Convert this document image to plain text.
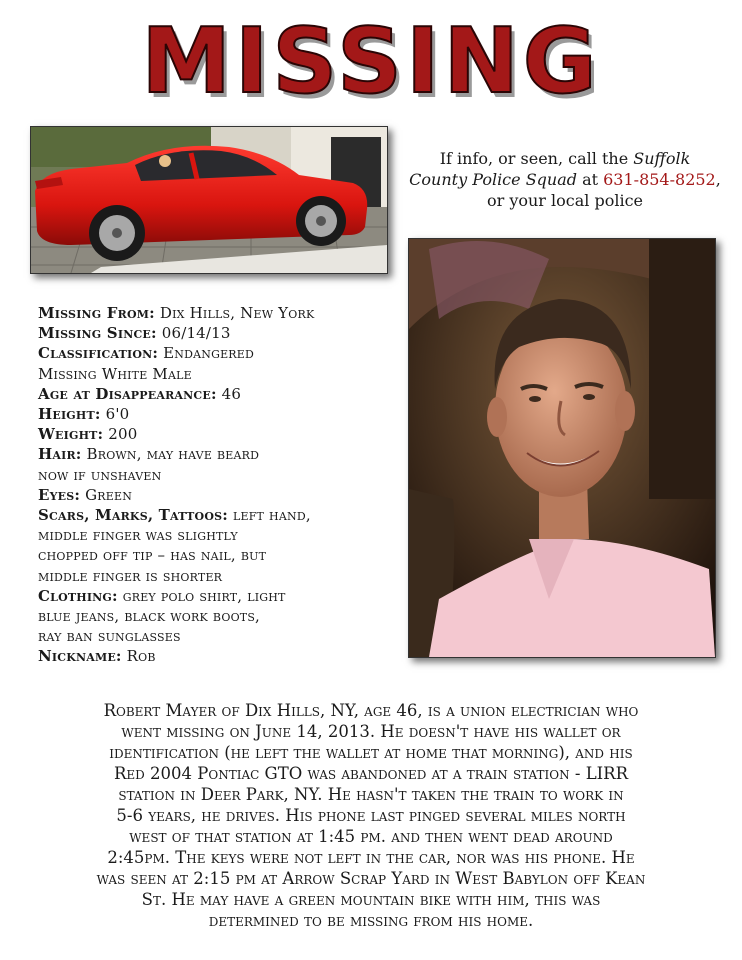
MISSING
If info, or seen, call the Suffolk
County Police Squad at 631-854-8252,
or your local police
Missing From: Dix Hills, New York
Missing Since: 06/14/13
Classification: Endangered
Missing White Male
Age at Disappearance: 46
Height: 6'0
Weight: 200
Hair: Brown, may have beard
now if unshaven
Eyes: Green
Scars, Marks, Tattoos: left hand,
middle finger was slightly
chopped off tip – has nail, but
middle finger is shorter
Clothing: grey polo shirt, light
blue jeans, black work boots,
ray ban sunglasses
Nickname: Rob
Robert Mayer of Dix Hills, NY, age 46, is a union electrician who
went missing on June 14, 2013. He doesn't have his wallet or
identification (he left the wallet at home that morning), and his
Red 2004 Pontiac GTO was abandoned at a train station - LIRR
station in Deer Park, NY. He hasn't taken the train to work in
5-6 years, he drives. His phone last pinged several miles north
west of that station at 1:45 pm. and then went dead around
2:45pm. The keys were not left in the car, nor was his phone. He
was seen at 2:15 pm at Arrow Scrap Yard in West Babylon off Kean
St. He may have a green mountain bike with him, this was
determined to be missing from his home.
